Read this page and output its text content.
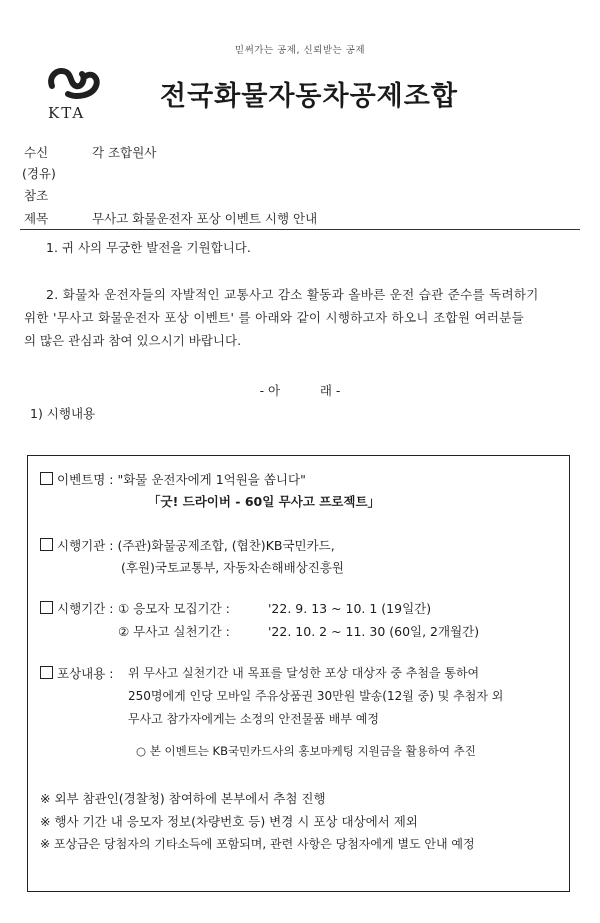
믿써가는 공제, 신뢰받는 공제
KTA
전국화물자동차공제조합
수신	각 조합원사
(경유)
참조
제목	무사고 화물운전자 포상 이벤트 시행 안내
1. 귀 사의 무궁한 발전을 기원합니다.
2. 화물차 운전자들의 자발적인 교통사고 감소 활동과 올바른 운전 습관 준수를 독려하기
위한 '무사고 화물운전자 포상 이벤트' 를 아래와 같이 시행하고자 하오니 조합원 여러분들
의 많은 관심과 참여 있으시기 바랍니다.
- 아          래 -
1) 시행내용
이벤트명 : "화물 운전자에게 1억원을 쏩니다"
「굿! 드라이버 - 60일 무사고 프로젝트」
시행기관 : (주관)화물공제조합, (협찬)KB국민카드,
(후원)국토교통부, 자동차손해배상진흥원
시행기간 : ① 응모자 모집기간 :	'22. 9. 13 ~ 10. 1 (19일간)
② 무사고 실천기간 :	'22. 10. 2 ~ 11. 30 (60일, 2개월간)
포상내용 : 위 무사고 실천기간 내 목표를 달성한 포상 대상자 중 추첨을 통하여
250명에게 인당 모바일 주유상품권 30만원 발송(12월 중) 및 추첨자 외
무사고 참가자에게는 소정의 안전물품 배부 예정
○ 본 이벤트는 KB국민카드사의 홍보마케팅 지원금을 활용하여 추진
※ 외부 참관인(경찰청) 참여하에 본부에서 추첨 진행
※ 행사 기간 내 응모자 정보(차량번호 등) 변경 시 포상 대상에서 제외
※ 포상금은 당첨자의 기타소득에 포함되며, 관련 사항은 당첨자에게 별도 안내 예정
